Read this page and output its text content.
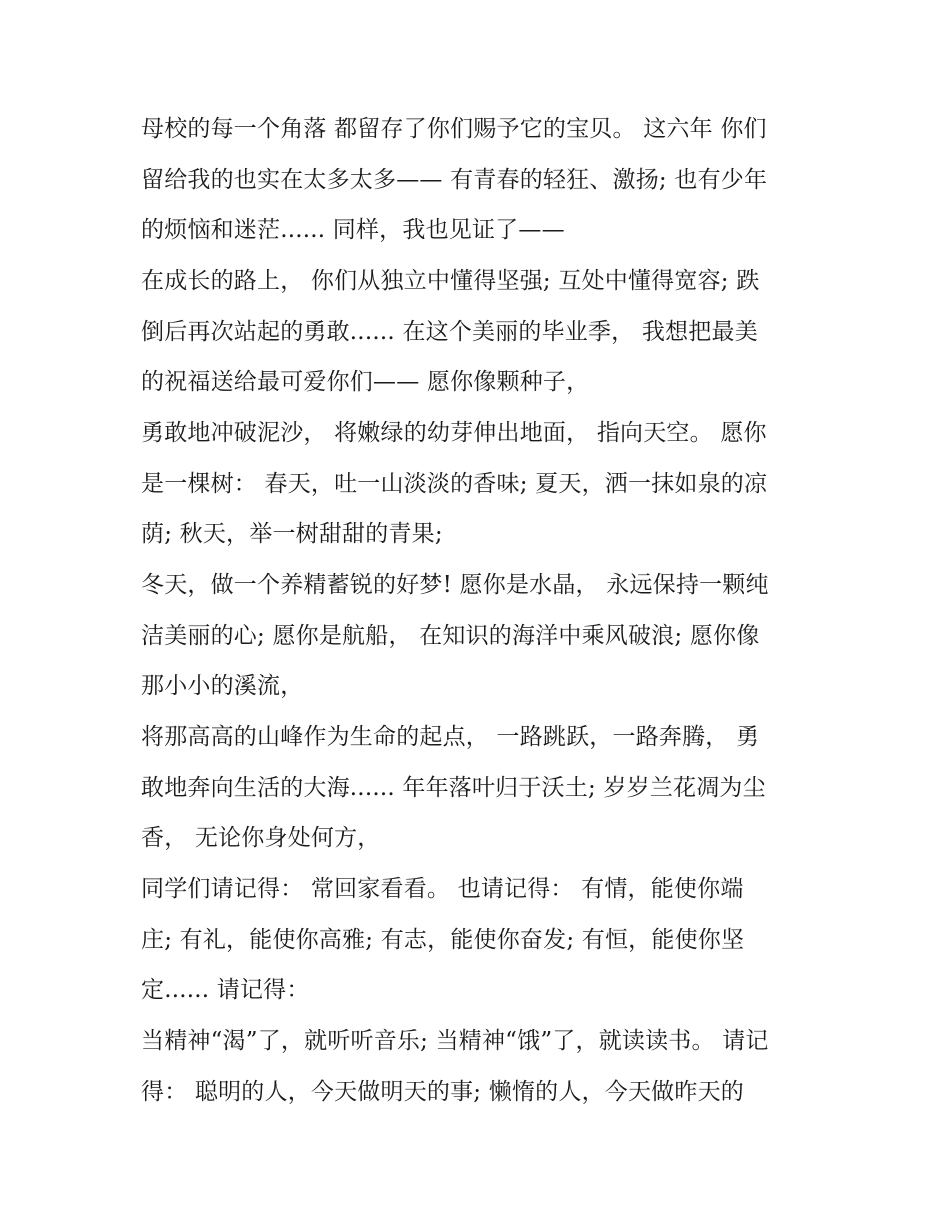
母校的每一个角落 都留存了你们赐予它的宝贝。 这六年 你们
留给我的也实在太多太多—— 有青春的轻狂、激扬; 也有少年
的烦恼和迷茫...... 同样，我也见证了——
在成长的路上， 你们从独立中懂得坚强; 互处中懂得宽容; 跌
倒后再次站起的勇敢...... 在这个美丽的毕业季， 我想把最美
的祝福送给最可爱你们—— 愿你像颗种子，
勇敢地冲破泥沙， 将嫩绿的幼芽伸出地面， 指向天空。 愿你
是一棵树： 春天，吐一山淡淡的香味; 夏天，洒一抹如泉的凉
荫; 秋天，举一树甜甜的青果;
冬天，做一个养精蓄锐的好梦! 愿你是水晶， 永远保持一颗纯
洁美丽的心; 愿你是航船， 在知识的海洋中乘风破浪; 愿你像
那小小的溪流，
将那高高的山峰作为生命的起点， 一路跳跃，一路奔腾， 勇
敢地奔向生活的大海...... 年年落叶归于沃土; 岁岁兰花凋为尘
香， 无论你身处何方，
同学们请记得： 常回家看看。 也请记得： 有情，能使你端
庄; 有礼，能使你高雅; 有志，能使你奋发; 有恒，能使你坚
定...... 请记得：
当精神“渴”了，就听听音乐; 当精神“饿”了，就读读书。 请记
得： 聪明的人，今天做明天的事; 懒惰的人，今天做昨天的
